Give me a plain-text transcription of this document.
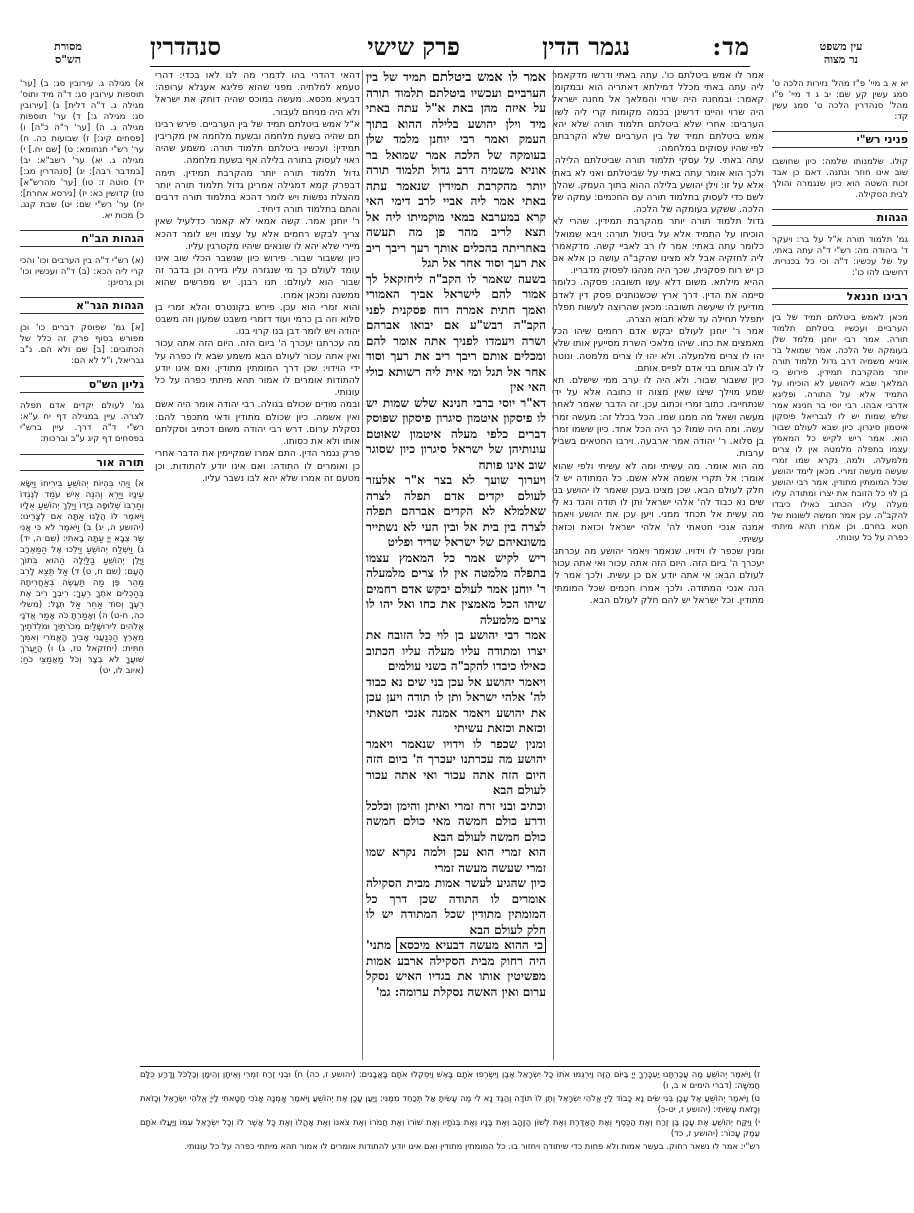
עין משפט
נר מצוה
מסורת
הש"ס	מד:
נגמר הדין
פרק שישי
סנהדרין

יא א ב מיי' פ"ז מהל' נזירות הלכה ט' סמג עשין קע שם: יב ג ד מיי' פ"ו מהל' סנהדרין הלכה ט' סמג עשין קד:

פניני רש"י

קולו. שלמנותו שלמה: כיון שחושבו שוב אינו חוזר ונתנה. דאם כן אבד זכות השטה הוא כיון שנגמרה והולך לבית הסקילה.

הגהות

גמ' תלמוד תורה א"ל על בר: ויעקר ד' ביהודה מה: רש"י ד"ה עתה באתי. על של עכשיו: ד"ה וכי כל בכנרית. דחשיבו להו כו':

רבינו חננאל

מכאן לאמש ביטלתם תמיד של בין הערביים ועכשיו ביטלתם תלמוד תורה. אמר רבי יוחנן מלמד שלן בעומקה של הלכה. אמר שמואל בר אוניא משמיה דרב גדול תלמוד תורה יותר מהקרבת תמידין. פירוש כי המלאך שבא ליהושע לא הוכיחו על התמיד אלא על התורה. ופליגא אדרבי אבהו. רבי יוסי בר חנינא אמר שלש שמות יש לו לגבריאל פיסקון איטמון סיגרון. כיון שבא לעולם שבור הוא. אמר ריש לקיש כל המאמץ עצמו בתפלה מלמטה אין לו צרים מלמעלה. ולמה נקרא שמו זמרי שעשה מעשה זמרי. מכאן לימד יהושע שכל המומתין מתודין. אמר רבי יהושע בן לוי כל הזובח את יצרו ומתודה עליו מעלה עליו הכתוב כאילו כיבדו להקב"ה. עכן אמר חמשה לשונות של חטא בחרם. וכן אמרו תהא מיתתי כפרה על כל עונותי.

אמר לו אמש ביטלתם כו'. עתה באתי ודרשו מדקאמר ליה עתה באתי מכלל דמילתא דאתריה הוא ובמקומו קאמר: ובמחנה היה שרוי והמלאך אל מחנה ישראל היה שרוי והיינו דרשינן בכמה מקומות קרי ליה לשון הערבים: אחרי שלא ביטלתם תלמוד תורה שלא יהא אמש ביטלתם תמיד של בין הערביים שלא הקרבתם לפי שהיו עסוקים במלחמה.

עתה באתי. על עסקי תלמוד תורה שביטלתם הלילה, ולכך הוא אומר עתה באתי על שביטלתם ואני לא באתי אלא על זו: וילן יהושע בלילה ההוא בתוך העמק. שהלך לשם כדי לעסוק בתלמוד תורה עם החכמים: עמקה של הלכה. ששקע בעומקה של הלכה.

גדול תלמוד תורה יותר מהקרבת תמידין. שהרי לא הוכיחו על התמיד אלא על ביטול תורה: ויבא שמואל. כלומר עתה באתי: אמר לו רב לאביי קשה. מדקאמרי ליה לחזקיה אבל לא מצינו שהקב"ה עושה כן אלא אם כן יש רוח פסקנית, שכך היה מנהגו לפסוק מדבריו.

ההיא מילתא. משום דלא עשו תשובה: פסקה. כלומר סיימה את הדין. דרך ארץ שכשנותנים פסק דין לאדם מודיעין לו שיעשה תשובה: מכאן שהרוצה לעשות תפלה יתפלל תחילה עד שלא תבוא הצרה.

אמר ר' יוחנן לעולם יבקש אדם רחמים שיהו הכל מאמצים את כחו. שיהו מלאכי השרת מסייעין אותו שלא יהו לו צרים מלמעלה. ולא יהו לו צרים מלמטה. ונוטה לו לב אותם בני אדם לפייס אותם.

כיון ששבור שבור. ולא היה לו ערב ממי שישלם. תא שמע מוילך שיצו שאין מצוה זו כתובה אלא על ידי שנתחייבו. כתוב זמרי וכתוב עכן. זה הדבר שאמר לאחר מעשה ושאל מה ממנו שמו. הכל בכלל זה: מעשה זמרי עשה. ומה היה שמו? כך היה הכל אחד. כיון ששמו זמרי בן סלוא. ר' יהודה אמר ארבעה. וירבו החטאים בשביל ערבות.

מה הוא אומר. מה עשיתי ומה לא עשיתי ולפי שהוא אומר: אל תקרי אשמה אלא אשם. כל המתודה יש לו חלק לעולם הבא. שכן מצינו בעכן שאמר לו יהושע בני שים נא כבוד לה' אלהי ישראל ותן לו תודה והגד נא לי מה עשית אל תכחד ממני. ויען עכן את יהושע ויאמר אמנה אנכי חטאתי לה' אלהי ישראל וכזאת וכזאת עשיתי.

ומנין שכפר לו וידויו. שנאמר ויאמר יהושע מה עכרתנו יעכרך ה' ביום הזה. היום הזה אתה עכור ואי אתה עכור לעולם הבא: אי אתה יודע אם כן עשית. ולכך אמר לו הנה אנכי המתודה. ולכך אמרו חכמים שכל המומתין מתודין. וכל ישראל יש להם חלק לעולם הבא.

אמר לו אמש ביטלתם תמיד של בין הערביים ועכשיו ביטלתם תלמוד תורה על איזה מהן באת א"ל עתה באתי מיד וילן יהושע בלילה ההוא בתוך העמק ואמר רבי יוחנן מלמד שלן בעומקה של הלכה אמר שמואל בר אוניא משמיה דרב גדול תלמוד תורה יותר מהקרבת תמידין שנאמר עתה באתי אמר ליה אביי לרב דימי האי קרא במערבא במאי מוקמיתו ליה אל תצא לריב מהר פן מה תעשה באחריתה בהכלים אותך רעך ריבך ריב את רעך וסוד אחר אל תגל

בשעה שאמר לו הקב"ה ליחזקאל לך אמור להם לישראל אביך האמורי ואמך חתית אמרה רוח פסקנית לפני הקב"ה רבש"ע אם יבואו אברהם ושרה ויעמדו לפניך אתה אומר להם ומכלים אותם ריבך ריב את רעך וסוד אחר אל תגל ומי אית ליה רשותא כולי האי אין

דא"ר יוסי ברבי חנינא שלש שמות יש לו פיסקון איטמון סיגרון פיסקון שפוסק דברים כלפי מעלה איטמון שאוטם עונותיהן של ישראל סיגרון כיון שסוגר שוב אינו פותח

ויערוך שועך לא בצר א"ר אלעזר לעולם יקדים אדם תפלה לצרה שאלמלא לא הקדים אברהם תפלה לצרה בין בית אל ובין העי לא נשתייר משונאיהם של ישראל שריד ופליט

ריש לקיש אמר כל המאמץ עצמו בתפלה מלמטה אין לו צרים מלמעלה ר' יוחנן אמר לעולם יבקש אדם רחמים שיהו הכל מאמצין את כחו ואל יהו לו צרים מלמעלה

אמר רבי יהושע בן לוי כל הזובח את יצרו ומתודה עליו מעלה עליו הכתוב כאילו כיבדו להקב"ה בשני עולמים

ויאמר יהושע אל עכן בני שים נא כבוד לה' אלהי ישראל ותן לו תודה ויען עכן את יהושע ויאמר אמנה אנכי חטאתי וכזאת וכזאת עשיתי

ומנין שכפר לו וידויו שנאמר ויאמר יהושע מה עכרתנו יעכרך ה' ביום הזה היום הזה אתה עכור ואי אתה עכור לעולם הבא

וכתיב ובני זרח זמרי ואיתן והימן וכלכל ודרע כולם חמשה מאי כולם חמשה כולם חמשה לעולם הבא

הוא זמרי הוא עכן ולמה נקרא שמו זמרי שעשה מעשה זמרי

כיון שהגיע לעשר אמות מבית הסקילה אומרים לו התודה שכן דרך כל המומתין מתודין שכל המתודה יש לו חלק לעולם הבא

כי ההוא מעשה דבעיא מיכסא מתני' היה רחוק מבית הסקילה ארבע אמות מפשיטין אותו את בגדיו האיש נסקל ערום ואין האשה נסקלת ערומה: גמ'

דהאי דהדרי בהו לדמרי מה לנו לאו בכדי: דהרי טעמא למלתיה. מפני שהוא פליגא אעגלא ערופה: דבעיא מכסא. מעשה במוכס שהיה דוחק את ישראל ולא היה מניחם לעבור.

א"ל אמש ביטלתם תמיד של בין הערביים. פירש רבינו תם שהיה בשעת מלחמה ובשעת מלחמה אין מקריבין תמידין: ועכשיו ביטלתם תלמוד תורה. משמע שהיה ראוי לעסוק בתורה בלילה אף בשעת מלחמה.

גדול תלמוד תורה יותר מהקרבת תמידין. תימה דבפרק קמא דמגילה אמרינן גדול תלמוד תורה יותר מהצלת נפשות ויש לומר דהכא בתלמוד תורה דרבים והתם בתלמוד תורה דיחיד.

ר' יוחנן אמר. קשה אמאי לא קאמר כדלעיל שאין צריך לבקש רחמים אלא על עצמו ויש לומר דהכא מיירי שלא יהא לו שונאים שיהיו מקטרגין עליו.

כיון ששבור שבור. פירוש כיון שנשבר הכלי שוב אינו עומד לעולם כך מי שנגזרה עליו גזירה וכן בדבר זה שבור הוא לעולם: תנו רבנן. יש מפרשים שהוא ממשנה ומכאן אמרו.

והוא זמרי הוא עכן. פירש בקונטרס והלא זמרי בן סלוא וזה בן כרמי ועוד דזמרי משבט שמעון וזה משבט יהודה ויש לומר דבן בנו קרוי בנו.

מה עכרתנו יעכרך ה' ביום הזה. היום הזה אתה עכור ואין אתה עכור לעולם הבא משמע שבא לו כפרה על ידי הוידוי: שכן דרך המומתין מתודין. ואם אינו יודע להתודות אומרים לו אמור תהא מיתתי כפרה על כל עונותי.

ובמה מודים שכולם בגולה. רבי יהודה אומר היה אשם ואין אשמה. כיון שכולם מתודין ודאי מתכפר להם: נסקלת ערום. דרש רבי יהודה משום דכתיב וסקלתם אותו ולא את כסותו.

פרק נגמר הדין. התם אמרו שמקיימין את הדבר אחרי כן ואומרים לו התודה: ואם אינו יודע להתודות. וכן מטעם זה אמרו שלא יהא לבו נשבר עליו.

א) מגילה ג. עירובין סג: ב) [ער' תוספות עירובין סג: ד"ה מיד ותוס' מגילה ג. ד"ה דלית] ג) [עירובין סג: מגילה ג:] ד) ער' תוספות מגילה ג. ה) [ער' ר"ה כ"ה] ו) [פסחים קיג:] ז) שבועות כה. ח) ער' רש"י תנחומא: ט) [שם יח.] י) מגילה ג. יא) ער' רשב"א: יב) [במדבר רבה]: יג) [סנהדרין מג:] יד) סוטה ז: טו) [ער' מהרש"א] טז) קדושין כא: יז) [גירסא אחרת]: יח) ער' רש"י שם: יט) שבת קנג. כ) מכות יא.

הגהות הב"ח

(א) רש"י ד"ה בין הערבים וכו' והכי קרי ליה הכא: (ב) ד"ה ועכשיו וכו' וכן גרסינן:

הגהות הגר"א

[א] גמ' שפוסק דברים כו' וכן מפורש בסוף פרק זה כלל של הכתובים: [ב] שם ולא הם. נ"ב גבריאל, ו"ל לא הם:

גליון הש"ס

גמ' לעולם יקדים אדם תפלה לצרה. עיין במגילה דף יח ע"א: רש"י ד"ה דרך. עיין ברש"י בפסחים דף קיג ע"ב וברכות:

תורה אור

א) וַיְהִי בִּהְיוֹת יְהוֹשֻׁעַ בִּירִיחוֹ וַיִּשָּׂא עֵינָיו וַיַּרְא וְהִנֵּה אִישׁ עֹמֵד לְנֶגְדּוֹ וְחַרְבּוֹ שְׁלוּפָה בְּיָדוֹ וַיֵּלֶךְ יְהוֹשֻׁעַ אֵלָיו וַיֹּאמֶר לוֹ הֲלָנוּ אַתָּה אִם לְצָרֵינוּ: (יהושע ה, יג) ב) וַיֹּאמֶר לֹא כִּי אֲנִי שַׂר צְבָא יְיָ עַתָּה בָאתִי: (שם ה, יד) ג) וַיִּשְׁלַח יְהוֹשֻׁעַ וַיֵּלְכוּ אֶל הַמַּאְרָב וַיָּלֶן יְהוֹשֻׁעַ בַּלַּיְלָה הַהוּא בְּתוֹךְ הָעָם: (שם ח, ט) ד) אַל תֵּצֵא לָרִב מַהֵר פֶּן מַה תַּעֲשֶׂה בְּאַחֲרִיתָהּ בְּהַכְלִים אֹתְךָ רֵעֶךָ: רִיבְךָ רִיב אֶת רֵעֶךָ וְסוֹד אַחֵר אַל תְּגָל: (משלי כה, ח-ט) ה) וְאָמַרְתָּ כֹּה אָמַר אֲדֹנָי אֱלֹהִים לִירוּשָׁלַיִם מְכֹרֹתַיִךְ וּמֹלְדֹתַיִךְ מֵאֶרֶץ הַכְּנַעֲנִי אָבִיךְ הָאֱמֹרִי וְאִמֵּךְ חִתִּית: (יחזקאל טז, ג) ו) הֲיַעֲרֹךְ שׁוּעֲךָ לֹא בְצָר וְכֹל מַאֲמַצֵּי כֹחַ: (איוב לו, יט)

ז) וַיֹּאמֶר יְהוֹשֻׁעַ מֶה עֲכַרְתָּנוּ יַעְכָּרְךָ יְיָ בַּיּוֹם הַזֶּה וַיִּרְגְּמוּ אֹתוֹ כָל יִשְׂרָאֵל אֶבֶן וַיִּשְׂרְפוּ אֹתָם בָּאֵשׁ וַיִּסְקְלוּ אֹתָם בָּאֲבָנִים: (יהושע ז, כה) ח) וּבְנֵי זֶרַח זִמְרִי וְאֵיתָן וְהֵימָן וְכַלְכֹּל וָדָרַע כֻּלָּם חֲמִשָּׁה: (דברי הימים א ב, ו)

ט) וַיֹּאמֶר יְהוֹשֻׁעַ אֶל עָכָן בְּנִי שִׂים נָא כָבוֹד לַייָ אֱלֹהֵי יִשְׂרָאֵל וְתֶן לוֹ תוֹדָה וְהַגֶּד נָא לִי מֶה עָשִׂיתָ אַל תְּכַחֵד מִמֶּנִּי: וַיַּעַן עָכָן אֶת יְהוֹשֻׁעַ וַיֹּאמַר אָמְנָה אָנֹכִי חָטָאתִי לַייָ אֱלֹהֵי יִשְׂרָאֵל וְכָזֹאת וְכָזֹאת עָשִׂיתִי: (יהושע ז, יט-כ)

י) וַיִּקַּח יְהוֹשֻׁעַ אֶת עָכָן בֶּן זֶרַח וְאֶת הַכֶּסֶף וְאֶת הָאַדֶּרֶת וְאֶת לְשׁוֹן הַזָּהָב וְאֶת בָּנָיו וְאֶת בְּנֹתָיו וְאֶת שׁוֹרוֹ וְאֶת חֲמֹרוֹ וְאֶת צֹאנוֹ וְאֶת אָהֳלוֹ וְאֶת כָּל אֲשֶׁר לוֹ וְכָל יִשְׂרָאֵל עִמּוֹ וַיַּעֲלוּ אֹתָם עֵמֶק עָכוֹר: (יהושע ז, כד)

רש"י: אמר לו נשאר רחוק. בעשר אמות ולא פחות כדי שיתודה ויחזור בו. כל המומתין מתודין ואם אינו יודע להתודות אומרים לו אמור תהא מיתתי כפרה על כל עונותי.
